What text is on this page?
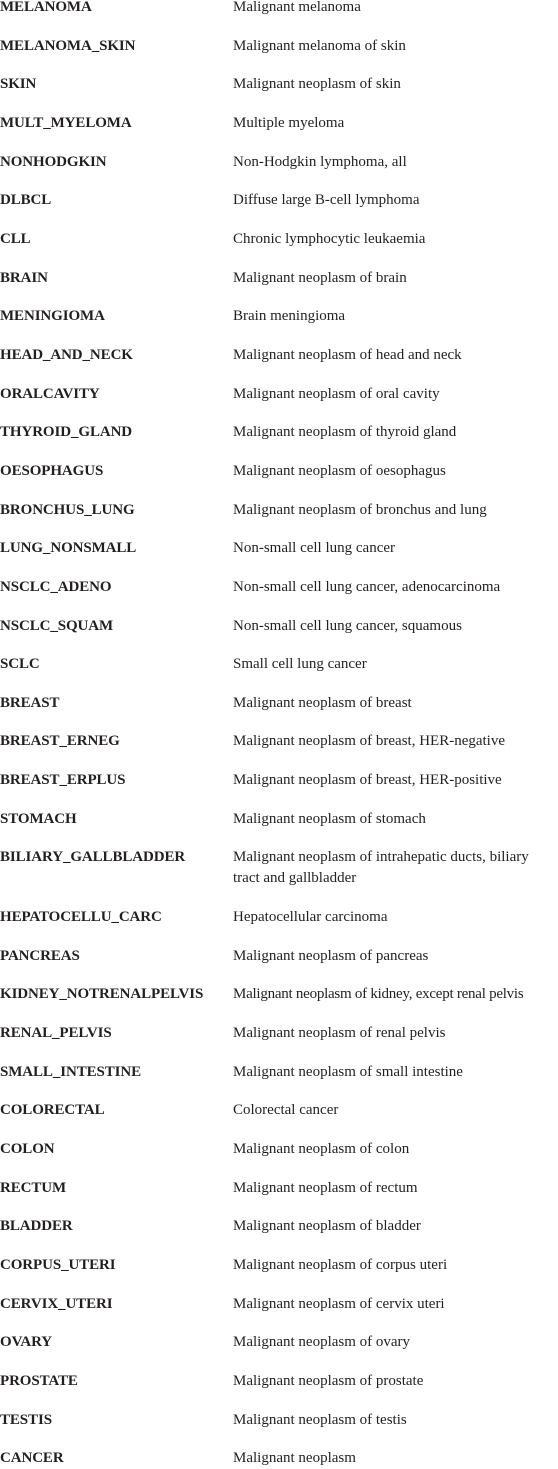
MELANOMA	Malignant melanoma
MELANOMA_SKIN	Malignant melanoma of skin
SKIN	Malignant neoplasm of skin
MULT_MYELOMA	Multiple myeloma
NONHODGKIN	Non-Hodgkin lymphoma, all
DLBCL	Diffuse large B-cell lymphoma
CLL	Chronic lymphocytic leukaemia
BRAIN	Malignant neoplasm of brain
MENINGIOMA	Brain meningioma
HEAD_AND_NECK	Malignant neoplasm of head and neck
ORALCAVITY	Malignant neoplasm of oral cavity
THYROID_GLAND	Malignant neoplasm of thyroid gland
OESOPHAGUS	Malignant neoplasm of oesophagus
BRONCHUS_LUNG	Malignant neoplasm of bronchus and lung
LUNG_NONSMALL	Non-small cell lung cancer
NSCLC_ADENO	Non-small cell lung cancer, adenocarcinoma
NSCLC_SQUAM	Non-small cell lung cancer, squamous
SCLC	Small cell lung cancer
BREAST	Malignant neoplasm of breast
BREAST_ERNEG	Malignant neoplasm of breast, HER-negative
BREAST_ERPLUS	Malignant neoplasm of breast, HER-positive
STOMACH	Malignant neoplasm of stomach
BILIARY_GALLBLADDER	Malignant neoplasm of intrahepatic ducts, biliary tract and gallbladder
HEPATOCELLU_CARC	Hepatocellular carcinoma
PANCREAS	Malignant neoplasm of pancreas
KIDNEY_NOTRENALPELVIS	Malignant neoplasm of kidney, except renal pelvis
RENAL_PELVIS	Malignant neoplasm of renal pelvis
SMALL_INTESTINE	Malignant neoplasm of small intestine
COLORECTAL	Colorectal cancer
COLON	Malignant neoplasm of colon
RECTUM	Malignant neoplasm of rectum
BLADDER	Malignant neoplasm of bladder
CORPUS_UTERI	Malignant neoplasm of corpus uteri
CERVIX_UTERI	Malignant neoplasm of cervix uteri
OVARY	Malignant neoplasm of ovary
PROSTATE	Malignant neoplasm of prostate
TESTIS	Malignant neoplasm of testis
CANCER	Malignant neoplasm
